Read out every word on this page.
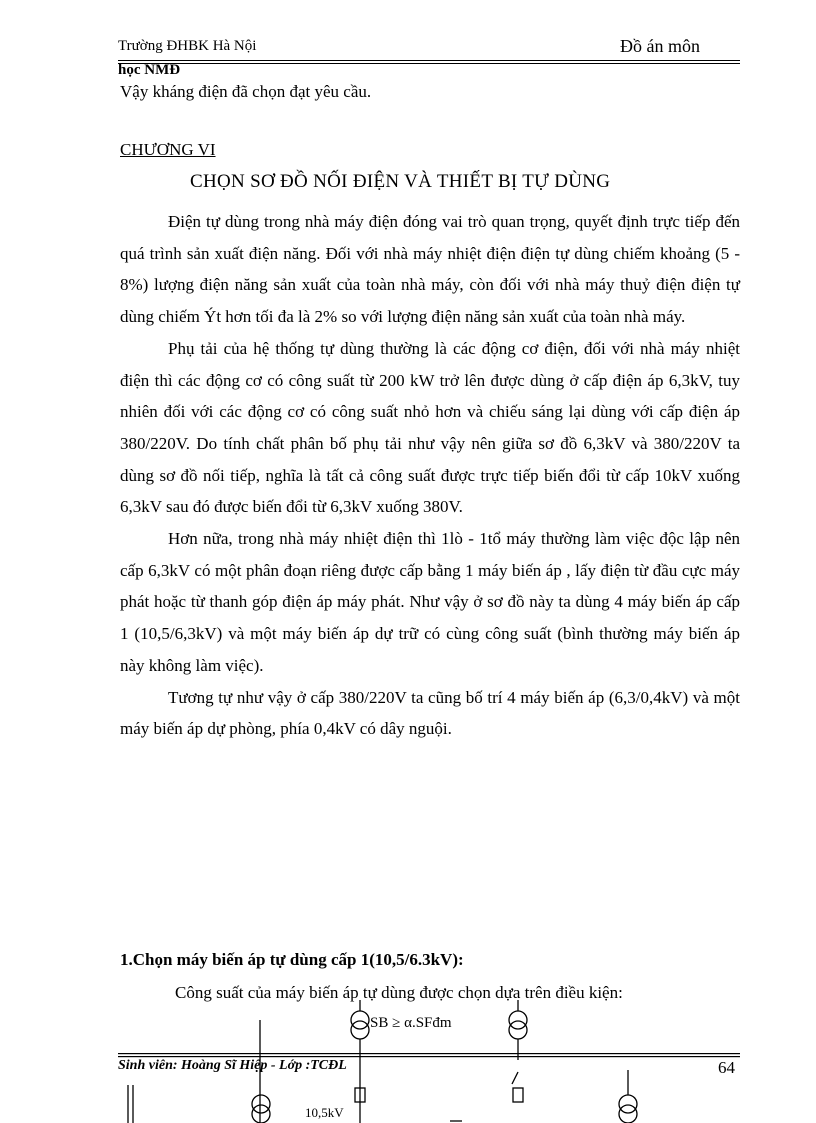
Trường ĐHBK Hà Nội	Đồ án môn
học NMĐ
Vậy kháng điện đã chọn đạt yêu cầu.
CHƯƠNG VI
CHỌN SƠ ĐỒ NỐI ĐIỆN VÀ THIẾT BỊ TỰ DÙNG

Điện tự dùng trong nhà máy điện đóng vai trò quan trọng, quyết định trực tiếp đến quá trình sản xuất điện năng. Đối với nhà máy nhiệt điện điện tự dùng chiếm khoảng (5 - 8%) lượng điện năng sản xuất của toàn nhà máy, còn đối với nhà máy thuỷ điện điện tự dùng chiếm Ýt hơn tối đa là 2% so với lượng điện năng sản xuất của toàn nhà máy.

Phụ tải của hệ thống tự dùng thường là các động cơ điện, đối với nhà máy nhiệt điện thì các động cơ có công suất từ 200 kW trở lên được dùng ở cấp điện áp 6,3kV, tuy nhiên đối với các động cơ có công suất nhỏ hơn và chiếu sáng lại dùng với cấp điện áp 380/220V. Do tính chất phân bố phụ tải như vậy nên giữa sơ đồ 6,3kV và 380/220V ta dùng sơ đồ nối tiếp, nghĩa là tất cả công suất được trực tiếp biến đổi từ cấp 10kV xuống 6,3kV sau đó được biến đổi từ 6,3kV xuống 380V.

Hơn nữa, trong nhà máy nhiệt điện thì 1lò - 1tổ máy thường làm việc độc lập nên cấp 6,3kV có một phân đoạn riêng được cấp bằng 1 máy biến áp , lấy điện từ đầu cực máy phát hoặc từ thanh góp điện áp máy phát. Như vậy ở sơ đồ này ta dùng 4 máy biến áp cấp 1 (10,5/6,3kV) và một máy biến áp dự trữ có cùng công suất (bình thường máy biến áp này không làm việc).

Tương tự như vậy ở cấp 380/220V ta cũng bố trí 4 máy biến áp (6,3/0,4kV) và một máy biến áp dự phòng, phía 0,4kV có dây nguội.

1.Chọn máy biến áp tự dùng cấp 1(10,5/6.3kV):
Công suất của máy biến áp tự dùng được chọn dựa trên điều kiện:
SB ≥ α.SFđm
10,5kV
Sinh viên: Hoàng Sĩ Hiệp - Lớp :TCĐL	64
